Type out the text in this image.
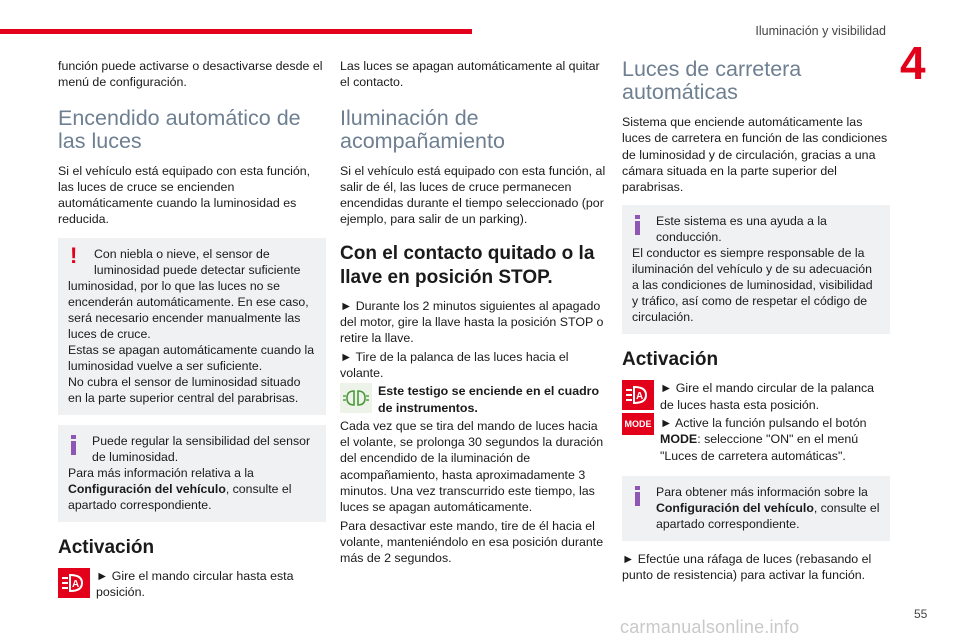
Iluminación y visibilidad
4

función puede activarse o desactivarse desde el menú de configuración.

Encendido automático de las luces

Si el vehículo está equipado con esta función, las luces de cruce se encienden automáticamente cuando la luminosidad es reducida.

!	Con niebla o nieve, el sensor de luminosidad puede detectar suficiente
luminosidad, por lo que las luces no se encenderán automáticamente. En ese caso, será necesario encender manualmente las luces de cruce.
Estas se apagan automáticamente cuando la luminosidad vuelve a ser suficiente.
No cubra el sensor de luminosidad situado en la parte superior central del parabrisas.
Puede regular la sensibilidad del sensor de luminosidad.
Para más información relativa a la Configuración del vehículo, consulte el apartado correspondiente.
Activación
A

► Gire el mando circular hasta esta posición.

Las luces se apagan automáticamente al quitar el contacto.

Iluminación de acompañamiento

Si el vehículo está equipado con esta función, al salir de él, las luces de cruce permanecen encendidas durante el tiempo seleccionado (por ejemplo, para salir de un parking).

Con el contacto quitado o la llave en posición STOP.

► Durante los 2 minutos siguientes al apagado del motor, gire la llave hasta la posición STOP o retire la llave.

► Tire de la palanca de las luces hacia el volante.

Este testigo se enciende en el cuadro de instrumentos.

Cada vez que se tira del mando de luces hacia el volante, se prolonga 30 segundos la duración del encendido de la iluminación de acompañamiento, hasta aproximadamente 3 minutos. Una vez transcurrido este tiempo, las luces se apagan automáticamente.

Para desactivar este mando, tire de él hacia el volante, manteniéndolo en esa posición durante más de 2 segundos.

Luces de carretera automáticas

Sistema que enciende automáticamente las luces de carretera en función de las condiciones de luminosidad y de circulación, gracias a una cámara situada en la parte superior del parabrisas.

Este sistema es una ayuda a la conducción.
El conductor es siempre responsable de la iluminación del vehículo y de su adecuación a las condiciones de luminosidad, visibilidad y tráfico, así como de respetar el código de circulación.
Activación
A
MODE

► Gire el mando circular de la palanca de luces hasta esta posición.

► Active la función pulsando el botón MODE: seleccione "ON" en el menú "Luces de carretera automáticas".

Para obtener más información sobre la Configuración del vehículo, consulte el apartado correspondiente.

► Efectúe una ráfaga de luces (rebasando el punto de resistencia) para activar la función.

55
carmanualsonline.info
